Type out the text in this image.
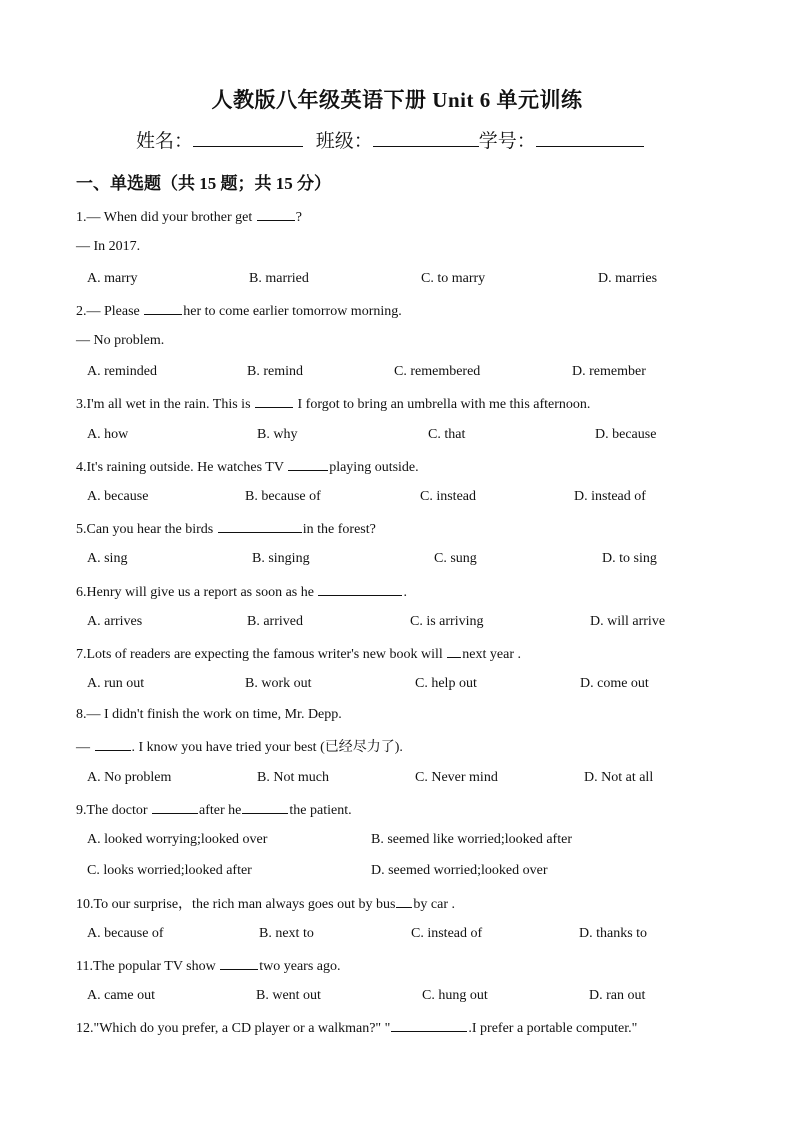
人教版八年级英语下册 Unit 6 单元训练
姓名：	班级：	学号：
一、单选题（共 15 题；共 15 分）
1.— When did your brother get	?
— In 2017.
A. marry	B. married	C. to marry	D. marries
2.— Please	her to come earlier tomorrow morning.
— No problem.
A. reminded	B. remind	C. remembered	D. remember
3.I'm all wet in the rain. This is	I forgot to bring an umbrella with me this afternoon.
A. how	B. why	C. that	D. because
4.It's raining outside. He watches TV	playing outside.
A. because	B. because of	C. instead	D. instead of
5.Can you hear the birds	in the forest?
A. sing	B. singing	C. sung	D. to sing
6.Henry will give us a report as soon as he	.
A. arrives	B. arrived	C. is arriving	D. will arrive
7.Lots of readers are expecting the famous writer's new book will next year .
A. run out	B. work out	C. help out	D. come out
8.— I didn't finish the work on time, Mr. Depp.
—	. I know you have tried your best (已经尽力了).
A. No problem	B. Not much	C. Never mind	D. Not at all
9.The doctor	after he	the patient.
A. looked worrying;looked over	B. seemed like worried;looked after
C. looks worried;looked after	D. seemed worried;looked over
10.To our surprise，the rich man always goes out by bus by car .
A. because of	B. next to	C. instead of	D. thanks to
11.The popular TV show	two years ago.
A. came out	B. went out	C. hung out	D. ran out
12."Which do you prefer, a CD player or a walkman?" "	.I prefer a portable computer."
